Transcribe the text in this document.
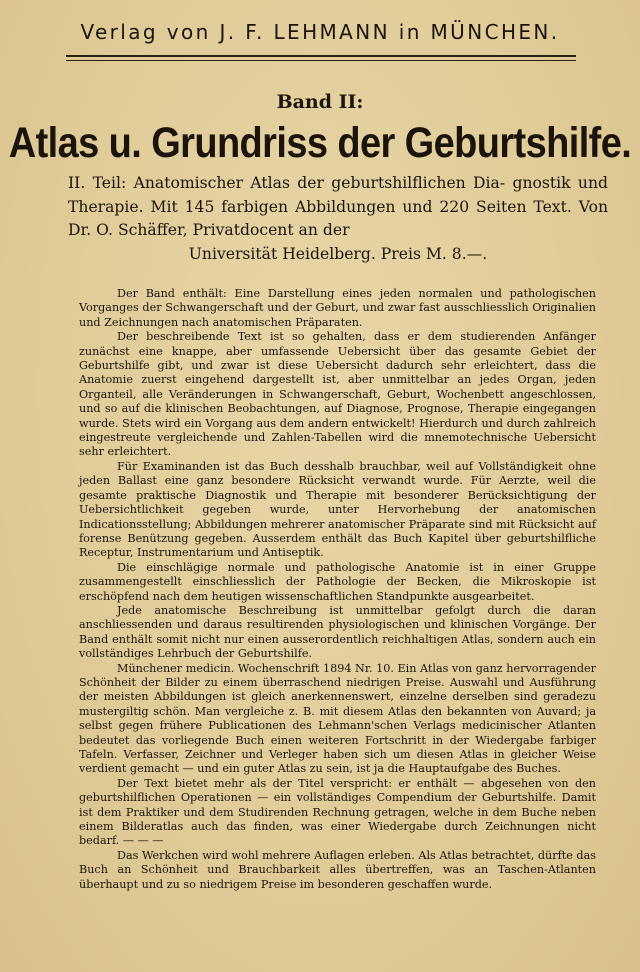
Verlag von J. F. LEHMANN in MÜNCHEN.
Band II:
Atlas u. Grundriss der Geburtshilfe.
II. Teil: Anatomischer Atlas der geburtshilflichen Dia- gnostik und Therapie. Mit 145 farbigen Abbildungen und 220 Seiten Text. Von Dr. O. Schäffer, Privatdocent an der
Universität Heidelberg. Preis M. 8.—.

Der Band enthält: Eine Darstellung eines jeden normalen und pathologischen Vorganges der Schwangerschaft und der Geburt, und zwar fast ausschliesslich Originalien und Zeichnungen nach anatomischen Präparaten.

Der beschreibende Text ist so gehalten, dass er dem studierenden Anfänger zunächst eine knappe, aber umfassende Uebersicht über das gesamte Gebiet der Geburtshilfe gibt, und zwar ist diese Uebersicht dadurch sehr erleichtert, dass die Anatomie zuerst eingehend dargestellt ist, aber unmittelbar an jedes Organ, jeden Organteil, alle Veränderungen in Schwangerschaft, Geburt, Wochenbett angeschlossen, und so auf die klinischen Beobachtungen, auf Diagnose, Prognose, Therapie eingegangen wurde. Stets wird ein Vorgang aus dem andern entwickelt! Hierdurch und durch zahlreich eingestreute vergleichende und Zahlen-Tabellen wird die mnemotechnische Uebersicht sehr erleichtert.

Für Examinanden ist das Buch desshalb brauchbar, weil auf Vollständigkeit ohne jeden Ballast eine ganz besondere Rücksicht verwandt wurde. Für Aerzte, weil die gesamte praktische Diagnostik und Therapie mit besonderer Berücksichtigung der Uebersichtlichkeit gegeben wurde, unter Hervorhebung der anatomischen Indicationsstellung; Abbildungen mehrerer anatomischer Präparate sind mit Rücksicht auf forense Benützung gegeben. Ausserdem enthält das Buch Kapitel über geburtshilfliche Receptur, Instrumentarium und Antiseptik.

Die einschlägige normale und pathologische Anatomie ist in einer Gruppe zusammengestellt einschliesslich der Pathologie der Becken, die Mikroskopie ist erschöpfend nach dem heutigen wissenschaftlichen Standpunkte ausgearbeitet.

Jede anatomische Beschreibung ist unmittelbar gefolgt durch die daran anschliessenden und daraus resultirenden physiologischen und klinischen Vorgänge. Der Band enthält somit nicht nur einen ausserordentlich reichhaltigen Atlas, sondern auch ein vollständiges Lehrbuch der Geburtshilfe.

Münchener medicin. Wochenschrift 1894 Nr. 10. Ein Atlas von ganz hervorragender Schönheit der Bilder zu einem überraschend niedrigen Preise. Auswahl und Ausführung der meisten Abbildungen ist gleich anerkennenswert, einzelne derselben sind geradezu mustergiltig schön. Man vergleiche z. B. mit diesem Atlas den bekannten von Auvard; ja selbst gegen frühere Publicationen des Lehmann'schen Verlags medicinischer Atlanten bedeutet das vorliegende Buch einen weiteren Fortschritt in der Wiedergabe farbiger Tafeln. Verfasser, Zeichner und Verleger haben sich um diesen Atlas in gleicher Weise verdient gemacht — und ein guter Atlas zu sein, ist ja die Hauptaufgabe des Buches.

Der Text bietet mehr als der Titel verspricht: er enthält — abgesehen von den geburtshilflichen Operationen — ein vollständiges Compendium der Geburtshilfe. Damit ist dem Praktiker und dem Studirenden Rechnung getragen, welche in dem Buche neben einem Bilderatlas auch das finden, was einer Wiedergabe durch Zeichnungen nicht bedarf. — — —

Das Werkchen wird wohl mehrere Auflagen erleben. Als Atlas betrachtet, dürfte das Buch an Schönheit und Brauchbarkeit alles übertreffen, was an Taschen-Atlanten überhaupt und zu so niedrigem Preise im besonderen geschaffen wurde.
